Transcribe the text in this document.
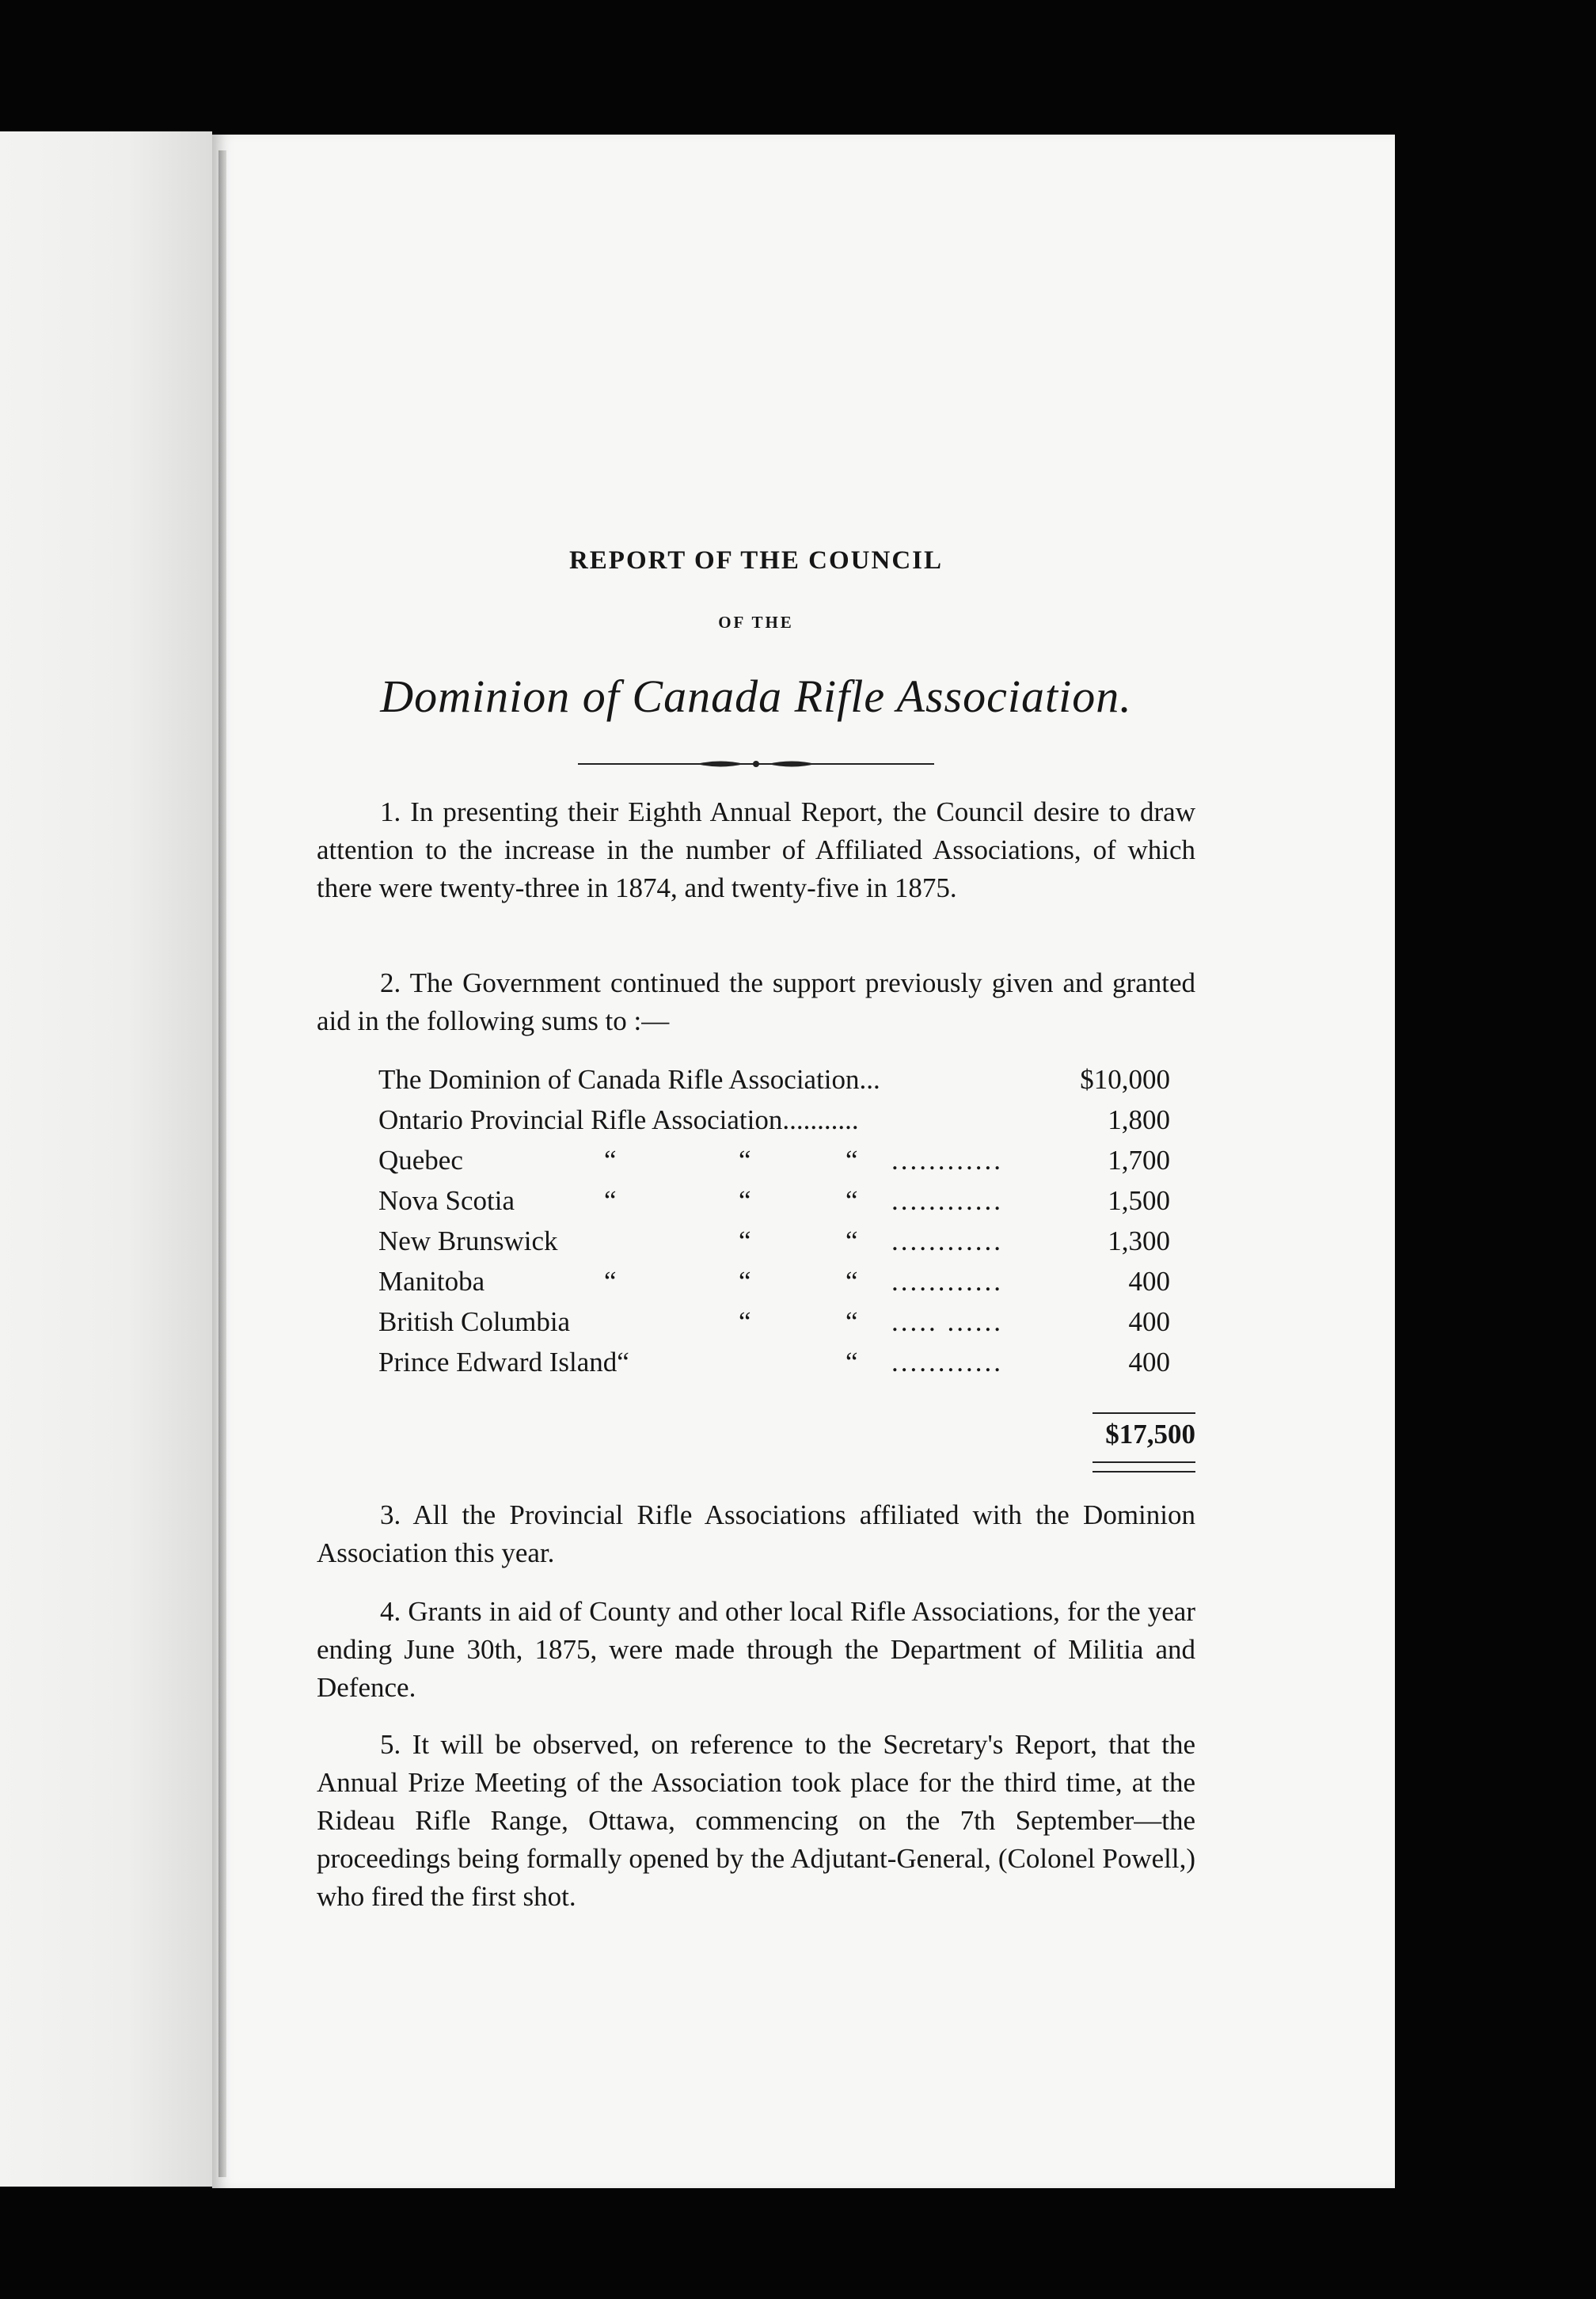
REPORT OF THE COUNCIL
OF THE
Dominion of Canada Rifle Association.

1. In presenting their Eighth Annual Report, the Council desire to draw attention to the increase in the number of Affiliated Associations, of which there were twenty-three in 1874, and twenty-five in 1875.

2. The Government continued the support previously given and granted aid in the following sums to :—

The Dominion of Canada Rifle Association...	$10,000
Ontario Provincial Rifle Association...........	1,800
Quebec	“	“	“ ............	1,700
Nova Scotia	“	“	“ ............	1,500
New Brunswick	“	“ ............	1,300
Manitoba	“	“	“ ............	400
British Columbia	“	“ ..... ......	400
Prince Edward Island“	“ ............	400
$17,500

3. All the Provincial Rifle Associations affiliated with the Dominion Association this year.

4. Grants in aid of County and other local Rifle Associations, for the year ending June 30th, 1875, were made through the Department of Militia and Defence.

5. It will be observed, on reference to the Secretary's Report, that the Annual Prize Meeting of the Association took place for the third time, at the Rideau Rifle Range, Ottawa, commencing on the 7th September—the proceedings being formally opened by the Adjutant-General, (Colonel Powell,) who fired the first shot.
